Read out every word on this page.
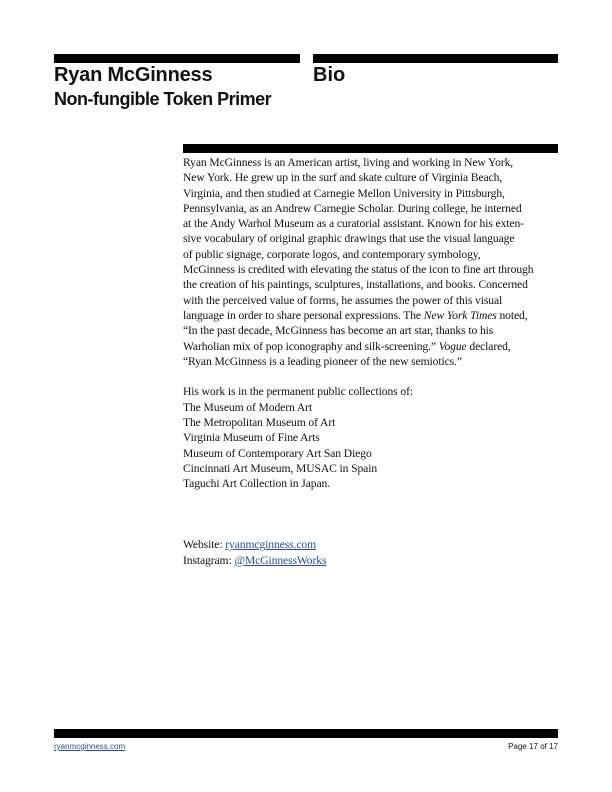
Ryan McGinness
Non-fungible Token Primer
Bio
Ryan McGinness is an American artist, living and working in New York,
New York. He grew up in the surf and skate culture of Virginia Beach,
Virginia, and then studied at Carnegie Mellon University in Pittsburgh,
Pennsylvania, as an Andrew Carnegie Scholar. During college, he interned
at the Andy Warhol Museum as a curatorial assistant. Known for his exten-
sive vocabulary of original graphic drawings that use the visual language
of public signage, corporate logos, and contemporary symbology,
McGinness is credited with elevating the status of the icon to fine art through
the creation of his paintings, sculptures, installations, and books. Concerned
with the perceived value of forms, he assumes the power of this visual
language in order to share personal expressions. The New York Times noted,
“In the past decade, McGinness has become an art star, thanks to his
Warholian mix of pop iconography and silk-screening.” Vogue declared,
“Ryan McGinness is a leading pioneer of the new semiotics.”
His work is in the permanent public collections of:
The Museum of Modern Art
The Metropolitan Museum of Art
Virginia Museum of Fine Arts
Museum of Contemporary Art San Diego
Cincinnati Art Museum, MUSAC in Spain
Taguchi Art Collection in Japan.
Website: ryanmcginness.com
Instagram: @McGinnessWorks
ryanmcginness.com	Page 17 of 17
